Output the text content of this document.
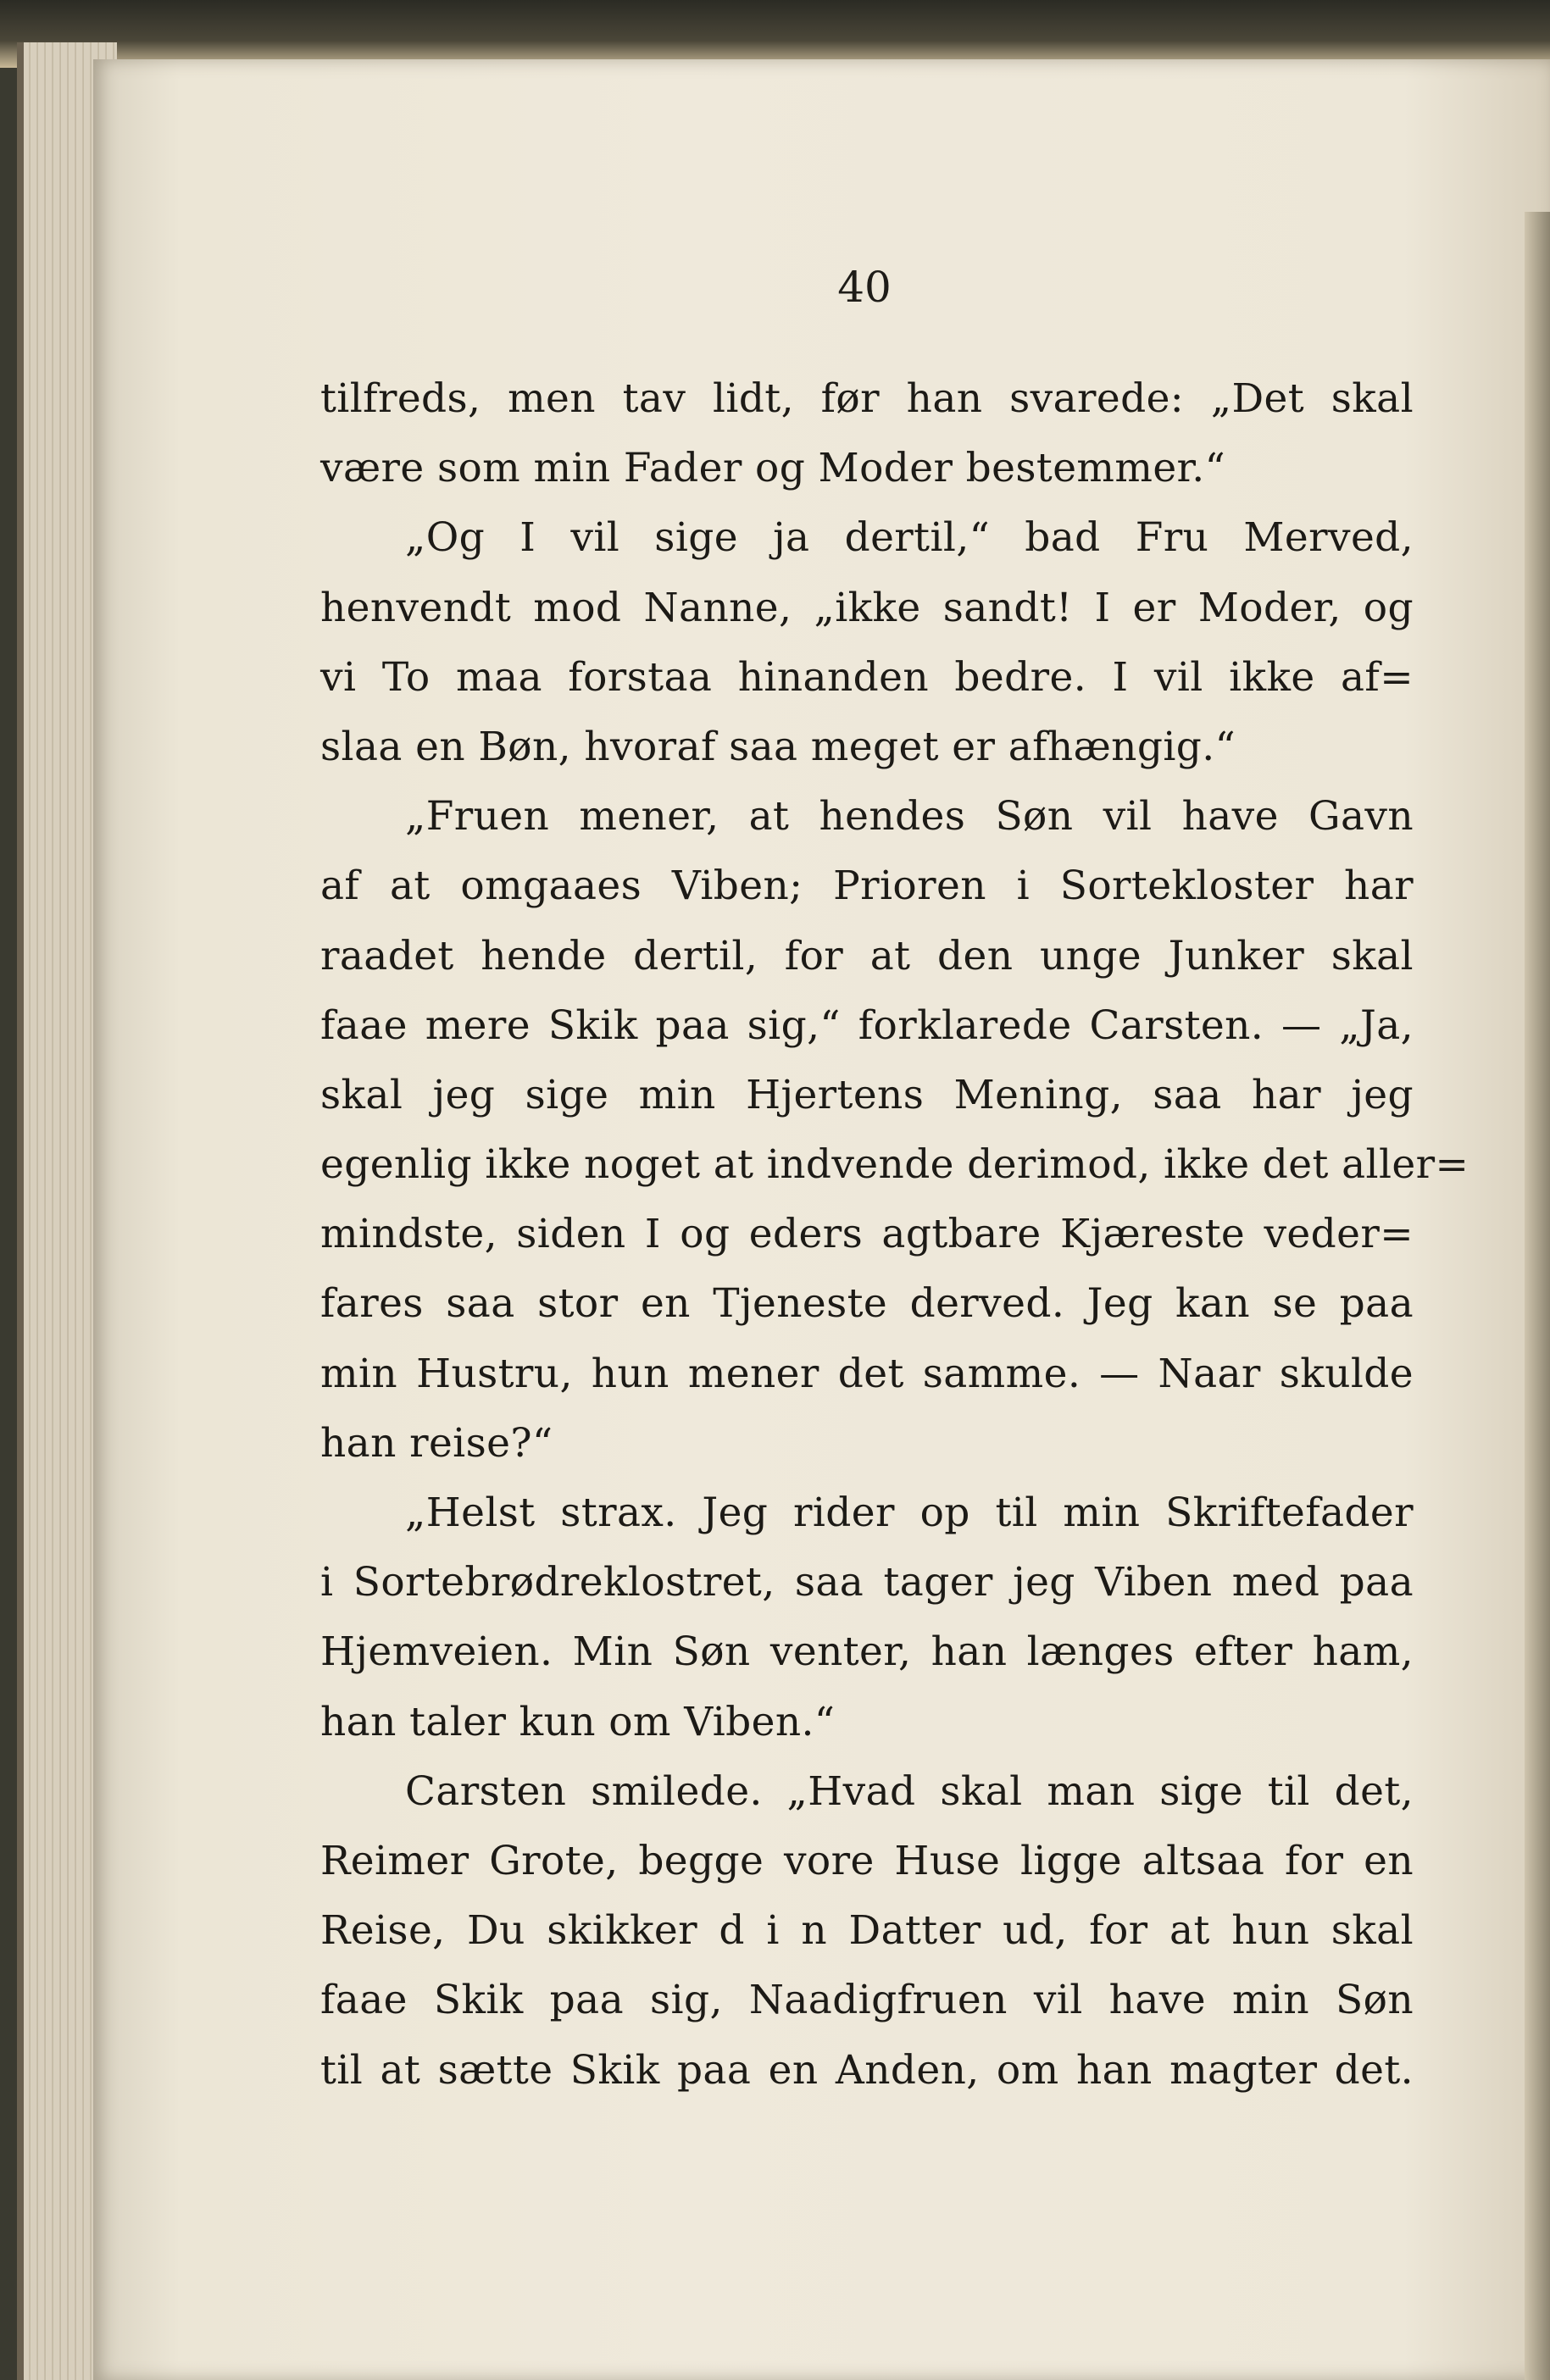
40
tilfreds, men tav lidt, før han svarede: „Det skal
være som min Fader og Moder bestemmer.“
„Og I vil sige ja dertil,“ bad Fru Merved,
henvendt mod Nanne, „ikke sandt! I er Moder, og
vi To maa forstaa hinanden bedre. I vil ikke af=
slaa en Bøn, hvoraf saa meget er afhængig.“
„Fruen mener, at hendes Søn vil have Gavn
af at omgaaes Viben; Prioren i Sortekloster har
raadet hende dertil, for at den unge Junker skal
faae mere Skik paa sig,“ forklarede Carsten. — „Ja,
skal jeg sige min Hjertens Mening, saa har jeg
egenlig ikke noget at indvende derimod, ikke det aller=
mindste, siden I og eders agtbare Kjæreste veder=
fares saa stor en Tjeneste derved. Jeg kan se paa
min Hustru, hun mener det samme. — Naar skulde
han reise?“
„Helst strax. Jeg rider op til min Skriftefader
i Sortebrødreklostret, saa tager jeg Viben med paa
Hjemveien. Min Søn venter, han længes efter ham,
han taler kun om Viben.“
Carsten smilede. „Hvad skal man sige til det,
Reimer Grote, begge vore Huse ligge altsaa for en
Reise, Du skikker d i n Datter ud, for at hun skal
faae Skik paa sig, Naadigfruen vil have min Søn
til at sætte Skik paa en Anden, om han magter det.
